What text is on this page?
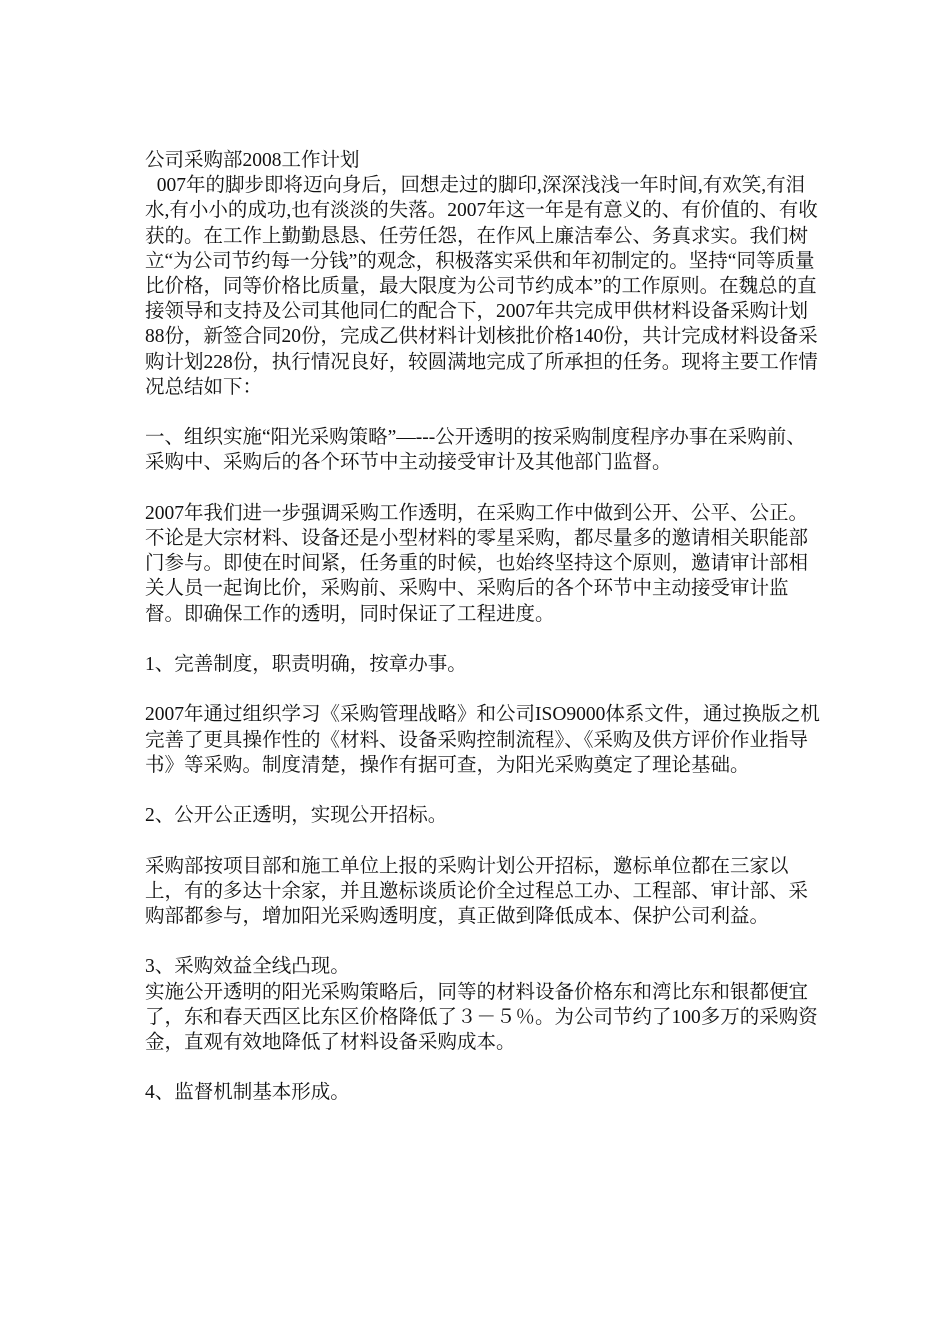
公司采购部2008工作计划

007年的脚步即将迈向身后，回想走过的脚印,深深浅浅一年时间,有欢笑,有泪水,有小小的成功,也有淡淡的失落。2007年这一年是有意义的、有价值的、有收获的。在工作上勤勤恳恳、任劳任怨，在作风上廉洁奉公、务真求实。我们树立“为公司节约每一分钱”的观念，积极落实采供和年初制定的。坚持“同等质量比价格，同等价格比质量，最大限度为公司节约成本”的工作原则。在魏总的直接领导和支持及公司其他同仁的配合下，2007年共完成甲供材料设备采购计划88份，新签合同20份，完成乙供材料计划核批价格140份，共计完成材料设备采购计划228份，执行情况良好，较圆满地完成了所承担的任务。现将主要工作情况总结如下：

一、组织实施“阳光采购策略”—---公开透明的按采购制度程序办事在采购前、采购中、采购后的各个环节中主动接受审计及其他部门监督。

2007年我们进一步强调采购工作透明，在采购工作中做到公开、公平、公正。不论是大宗材料、设备还是小型材料的零星采购，都尽量多的邀请相关职能部门参与。即使在时间紧，任务重的时候，也始终坚持这个原则，邀请审计部相关人员一起询比价，采购前、采购中、采购后的各个环节中主动接受审计监督。即确保工作的透明，同时保证了工程进度。

1、完善制度，职责明确，按章办事。

2007年通过组织学习《采购管理战略》和公司ISO9000体系文件，通过换版之机完善了更具操作性的《材料、设备采购控制流程》、《采购及供方评价作业指导书》等采购。制度清楚，操作有据可查，为阳光采购奠定了理论基础。

2、公开公正透明，实现公开招标。

采购部按项目部和施工单位上报的采购计划公开招标，邀标单位都在三家以上，有的多达十余家，并且邀标谈质论价全过程总工办、工程部、审计部、采购部都参与，增加阳光采购透明度，真正做到降低成本、保护公司利益。

3、采购效益全线凸现。

实施公开透明的阳光采购策略后，同等的材料设备价格东和湾比东和银都便宜了，东和春天西区比东区价格降低了３－５％。为公司节约了100多万的采购资金，直观有效地降低了材料设备采购成本。

4、监督机制基本形成。
